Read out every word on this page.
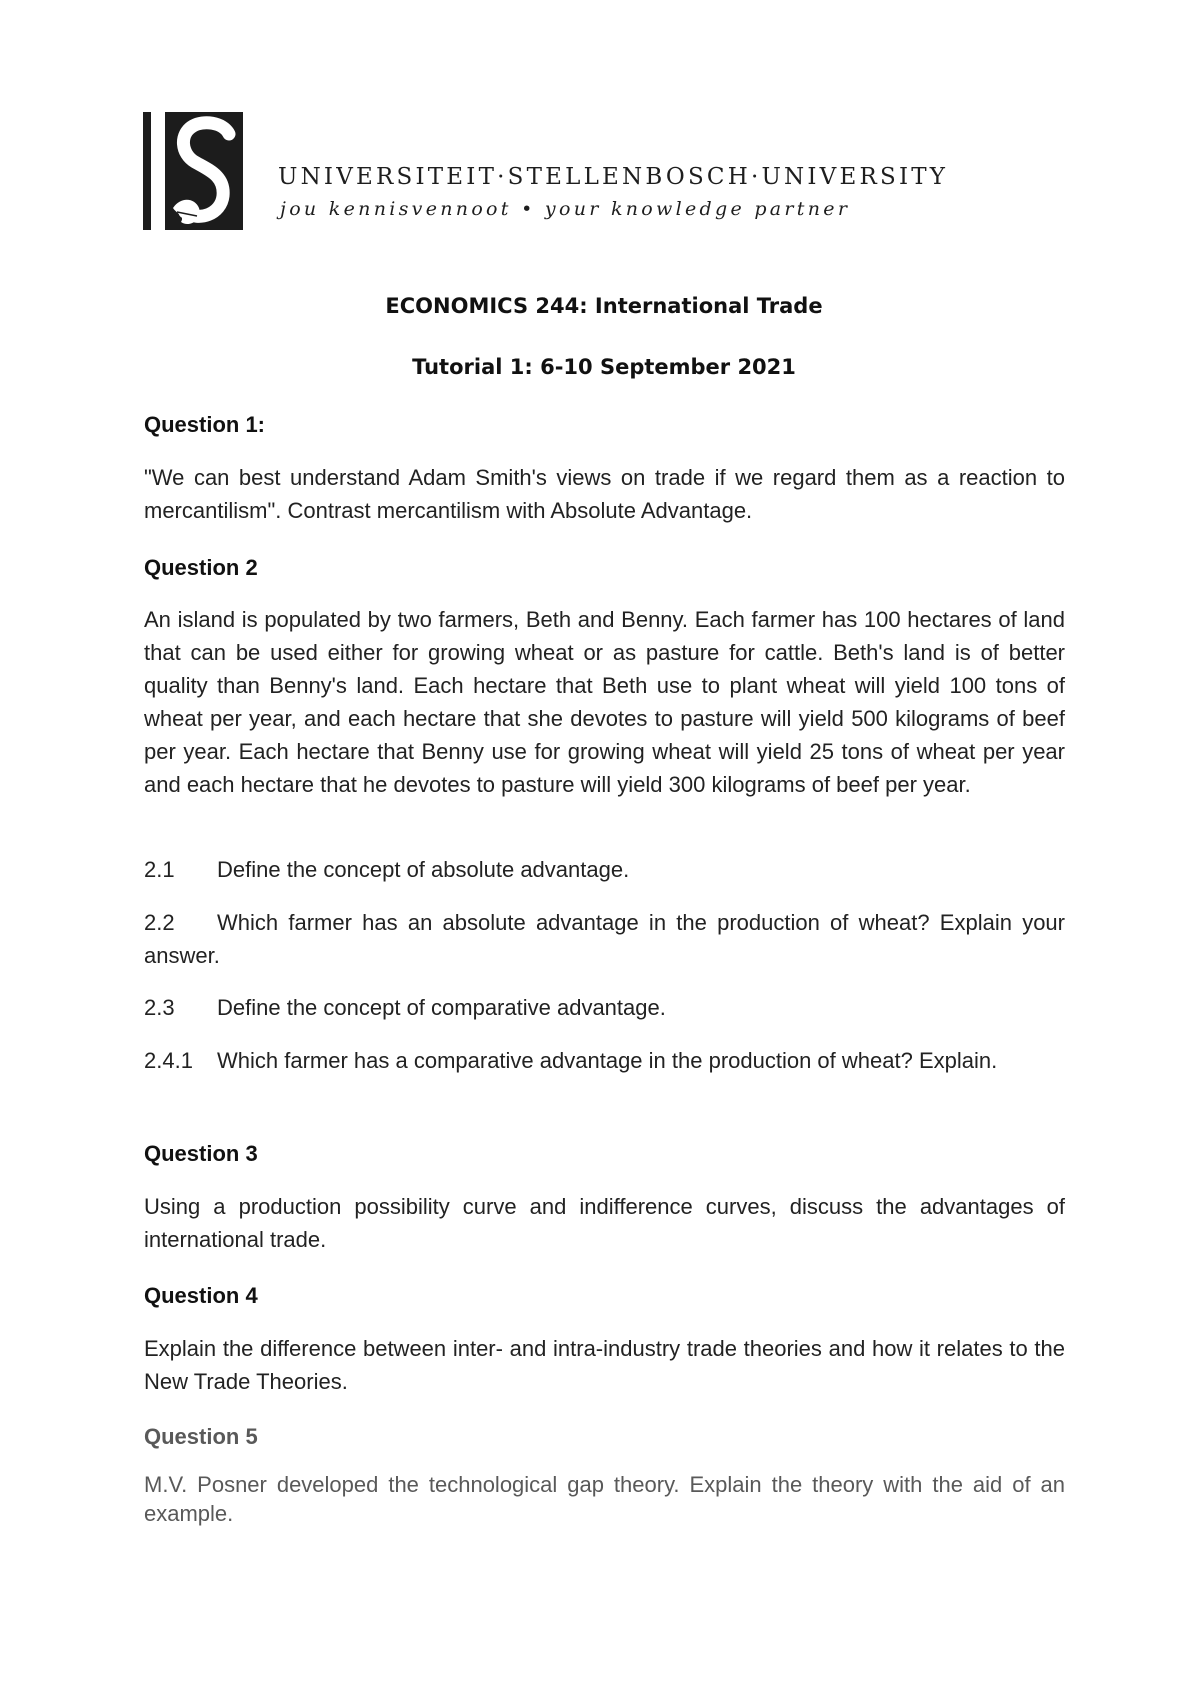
UNIVERSITEIT·STELLENBOSCH·UNIVERSITY
jou kennisvennoot • your knowledge partner
ECONOMICS 244: International Trade
Tutorial 1: 6-10 September 2021
Question 1:
"We can best understand Adam Smith's views on trade if we regard them as a reaction to mercantilism". Contrast mercantilism with Absolute Advantage.
Question 2
An island is populated by two farmers, Beth and Benny. Each farmer has 100 hectares of land that can be used either for growing wheat or as pasture for cattle. Beth's land is of better quality than Benny's land. Each hectare that Beth use to plant wheat will yield 100 tons of wheat per year, and each hectare that she devotes to pasture will yield 500 kilograms of beef per year. Each hectare that Benny use for growing wheat will yield 25 tons of wheat per year and each hectare that he devotes to pasture will yield 300 kilograms of beef per year.
2.1 Define the concept of absolute advantage.
2.2 Which farmer has an absolute advantage in the production of wheat? Explain your answer.
2.3 Define the concept of comparative advantage.
2.4.1 Which farmer has a comparative advantage in the production of wheat? Explain.
Question 3
Using a production possibility curve and indifference curves, discuss the advantages of international trade.
Question 4
Explain the difference between inter- and intra-industry trade theories and how it relates to the New Trade Theories.
Question 5
M.V. Posner developed the technological gap theory. Explain the theory with the aid of an example.
